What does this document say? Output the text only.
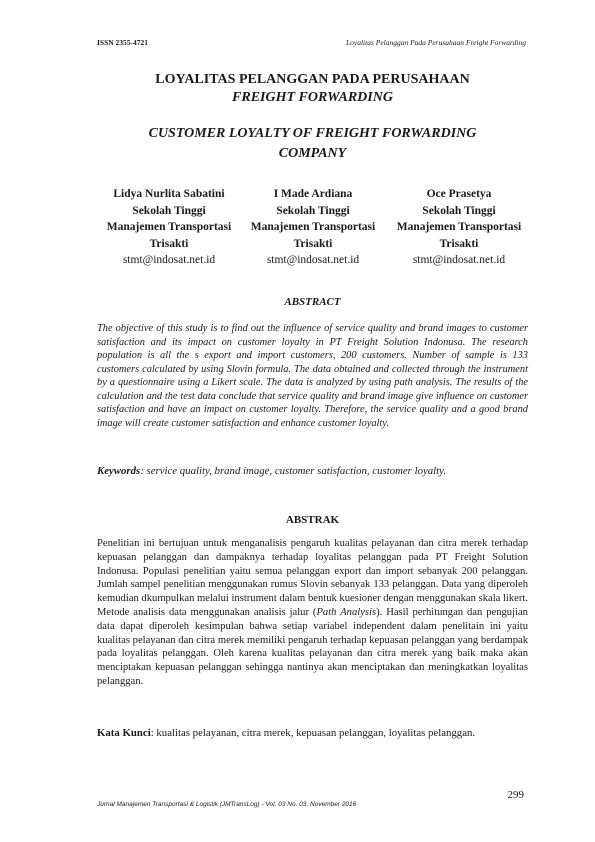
ISSN 2355-4721	Loyalitas Pelanggan Pada Perusahaan Freight Forwarding
LOYALITAS PELANGGAN PADA PERUSAHAAN
FREIGHT FORWARDING
CUSTOMER LOYALTY OF FREIGHT FORWARDING
COMPANY
Lidya Nurlita Sabatini
Sekolah Tinggi
Manajemen Transportasi
Trisakti
stmt@indosat.net.id
I Made Ardiana
Sekolah Tinggi
Manajemen Transportasi
Trisakti
stmt@indosat.net.id
Oce Prasetya
Sekolah Tinggi
Manajemen Transportasi
Trisakti
stmt@indosat.net.id
ABSTRACT
The objective of this study is to find out the influence of service quality and brand images to customer satisfaction and its impact on customer loyalty in PT Freight Solution Indonusa. The research population is all the s export and import customers, 200 customers. Number of sample is 133 customers calculated by using Slovin formula. The data obtained and collected through the instrument by a questionnaire using a Likert scale. The data is analyzed by using path analysis. The results of the calculation and the test data conclude that service quality and brand image give influence on customer satisfaction and have an impact on customer loyalty. Therefore, the service quality and a good brand image will create customer satisfaction and enhance customer loyalty.
Keywords: service quality, brand image, customer satisfaction, customer loyalty.
ABSTRAK
Penelitian ini bertujuan untuk menganalisis pengaruh kualitas pelayanan dan citra merek terhadap kepuasan pelanggan dan dampaknya terhadap loyalitas pelanggan pada PT Freight Solution Indonusa. Populasi penelitian yaitu semua pelanggan export dan import sebanyak 200 pelanggan. Jumlah sampel penelitian menggunakan rumus Slovin sebanyak 133 pelanggan. Data yang diperoleh kemudian dkumpulkan melalui instrument dalam bentuk kuesioner dengan menggunakan skala likert. Metode analisis data menggunakan analisis jalur (Path Analysis). Hasil perhitungan dan pengujian data dapat diperoleh kesimpulan bahwa setiap variabel independent dalam penelitain ini yaitu kualitas pelayanan dan citra merek memiliki pengaruh terhadap kepuasan pelanggan yang berdampak pada loyalitas pelanggan. Oleh karena kualitas pelayanan dan citra merek yang baik maka akan menciptakan kepuasan pelanggan sehingga nantinya akan menciptakan dan meningkatkan loyalitas pelanggan.
Kata Kunci: kualitas pelayanan, citra merek, kepuasan pelanggan, loyalitas pelanggan.
299
Jurnal Manajemen Transportasi & Logistik (JMTransLog) - Vol. 03 No. 03, November 2016
